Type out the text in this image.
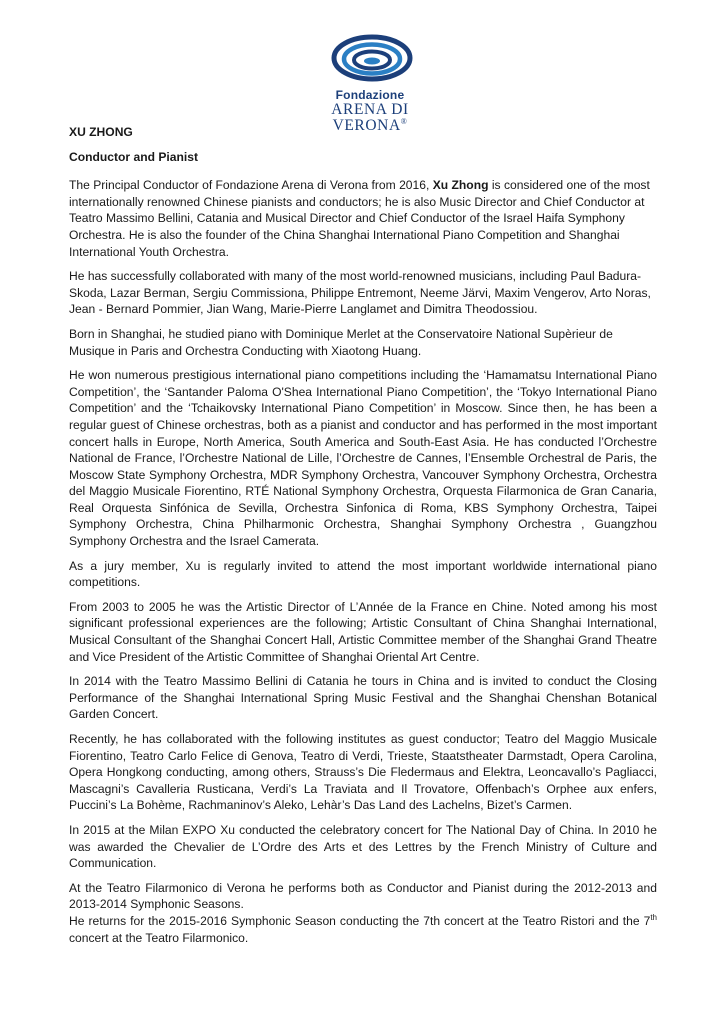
Fondazione
ARENA DI VERONA®

XU ZHONG

Conductor and Pianist

The Principal Conductor of Fondazione Arena di Verona from 2016, Xu Zhong is considered one of the most internationally renowned Chinese pianists and conductors; he is also Music Director and Chief Conductor at Teatro Massimo Bellini, Catania and Musical Director and Chief Conductor of the Israel Haifa Symphony Orchestra. He is also the founder of the China Shanghai International Piano Competition and Shanghai International Youth Orchestra.

He has successfully collaborated with many of the most world-renowned musicians, including Paul Badura-Skoda, Lazar Berman, Sergiu Commissiona, Philippe Entremont, Neeme Järvi, Maxim Vengerov, Arto Noras, Jean - Bernard Pommier, Jian Wang, Marie-Pierre Langlamet and Dimitra Theodossiou.

Born in Shanghai, he studied piano with Dominique Merlet at the Conservatoire National Supèrieur de Musique in Paris and Orchestra Conducting with Xiaotong Huang.

He won numerous prestigious international piano competitions including the ‘Hamamatsu International Piano Competition’, the ‘Santander Paloma O'Shea International Piano Competition’, the ‘Tokyo International Piano Competition’ and the ‘Tchaikovsky International Piano Competition’ in Moscow. Since then, he has been a regular guest of Chinese orchestras, both as a pianist and conductor and has performed in the most important concert halls in Europe, North America, South America and South-East Asia. He has conducted l’Orchestre National de France, l’Orchestre National de Lille, l’Orchestre de Cannes, l’Ensemble Orchestral de Paris, the Moscow State Symphony Orchestra, MDR Symphony Orchestra, Vancouver Symphony Orchestra, Orchestra del Maggio Musicale Fiorentino, RTÉ National Symphony Orchestra, Orquesta Filarmonica de Gran Canaria, Real Orquesta Sinfónica de Sevilla, Orchestra Sinfonica di Roma, KBS Symphony Orchestra, Taipei Symphony Orchestra, China Philharmonic Orchestra, Shanghai Symphony Orchestra , Guangzhou Symphony Orchestra and the Israel Camerata.

As a jury member, Xu is regularly invited to attend the most important worldwide international piano competitions.

From 2003 to 2005 he was the Artistic Director of L’Année de la France en Chine. Noted among his most significant professional experiences are the following; Artistic Consultant of China Shanghai International, Musical Consultant of the Shanghai Concert Hall, Artistic Committee member of the Shanghai Grand Theatre and Vice President of the Artistic Committee of Shanghai Oriental Art Centre.

In 2014 with the Teatro Massimo Bellini di Catania he tours in China and is invited to conduct the Closing Performance of the Shanghai International Spring Music Festival and the Shanghai Chenshan Botanical Garden Concert.

Recently, he has collaborated with the following institutes as guest conductor; Teatro del Maggio Musicale Fiorentino, Teatro Carlo Felice di Genova, Teatro di Verdi, Trieste, Staatstheater Darmstadt, Opera Carolina, Opera Hongkong conducting, among others, Strauss’s Die Fledermaus and Elektra, Leoncavallo’s Pagliacci, Mascagni’s Cavalleria Rusticana, Verdi’s La Traviata and Il Trovatore, Offenbach’s Orphee aux enfers, Puccini’s La Bohème, Rachmaninov’s Aleko, Lehàr’s Das Land des Lachelns, Bizet’s Carmen.

In 2015 at the Milan EXPO Xu conducted the celebratory concert for The National Day of China. In 2010 he was awarded the Chevalier de L’Ordre des Arts et des Lettres by the French Ministry of Culture and Communication.

At the Teatro Filarmonico di Verona he performs both as Conductor and Pianist during the 2012-2013 and 2013-2014 Symphonic Seasons.

He returns for the 2015-2016 Symphonic Season conducting the 7th concert at the Teatro Ristori and the 7th concert at the Teatro Filarmonico.
